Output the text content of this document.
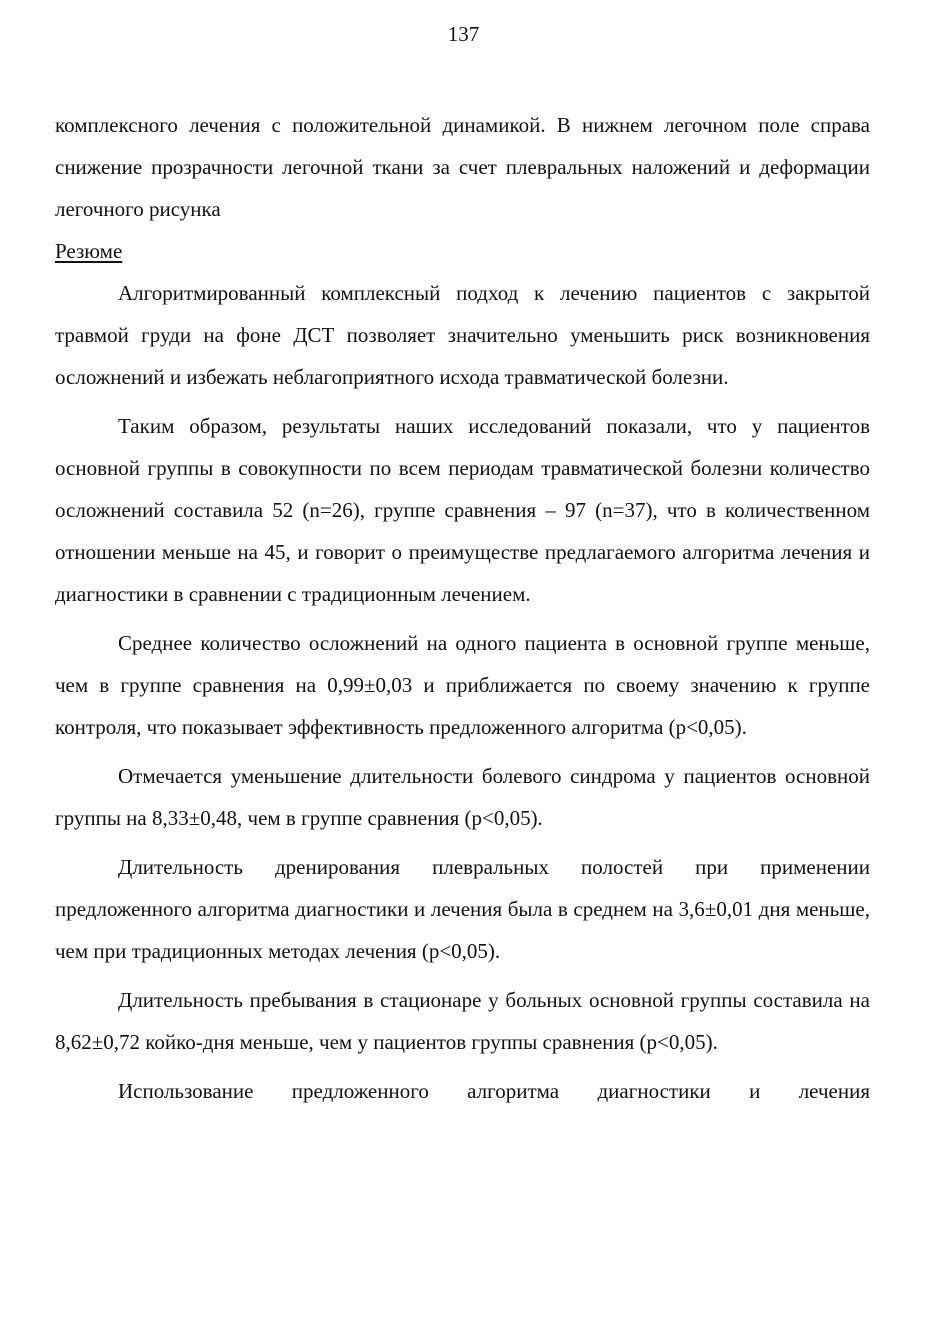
137

комплексного лечения с положительной динамикой. В нижнем легочном поле справа снижение прозрачности легочной ткани за счет плевральных наложений и деформации легочного рисунка

Резюме

Алгоритмированный комплексный подход к лечению пациентов с закрытой травмой груди на фоне ДСТ позволяет значительно уменьшить риск возникновения осложнений и избежать неблагоприятного исхода травматической болезни.

Таким образом, результаты наших исследований показали, что у пациентов основной группы в совокупности по всем периодам травматической болезни количество осложнений составила 52 (n=26), группе сравнения – 97 (n=37), что в количественном отношении меньше на 45, и говорит о преимуществе предлагаемого алгоритма лечения и диагностики в сравнении с традиционным лечением.

Среднее количество осложнений на одного пациента в основной группе меньше, чем в группе сравнения на 0,99±0,03 и приближается по своему значению к группе контроля, что показывает эффективность предложенного алгоритма (p<0,05).

Отмечается уменьшение длительности болевого синдрома у пациентов основной группы на 8,33±0,48, чем в группе сравнения (p<0,05).

Длительность дренирования плевральных полостей при применении предложенного алгоритма диагностики и лечения была в среднем на 3,6±0,01 дня меньше, чем при традиционных методах лечения (p<0,05).

Длительность пребывания в стационаре у больных основной группы составила на 8,62±0,72 койко-дня меньше, чем у пациентов группы сравнения (p<0,05).

Использование предложенного алгоритма диагностики и лечения
